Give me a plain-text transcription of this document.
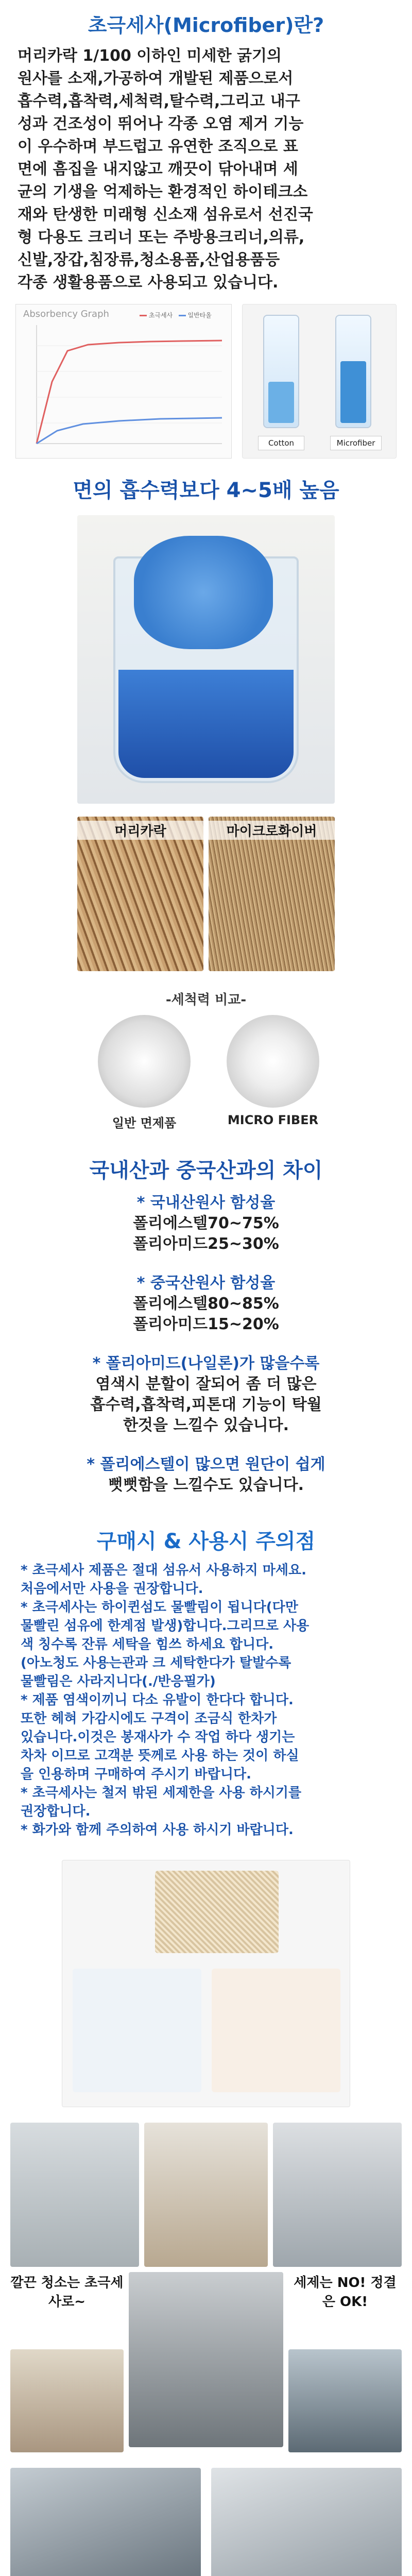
초극세사(Microfiber)란?

머리카락 1/100 이하인 미세한 굵기의

원사를 소재,가공하여 개발된 제품으로서

흡수력,흡착력,세척력,탈수력,그리고 내구

성과 건조성이 뛰어나 각종 오염 제거 기능

이 우수하며 부드럽고 유연한 조직으로 표

면에 흠집을 내지않고 깨끗이 닦아내며 세

균의 기생을 억제하는 환경적인 하이테크소

재와 탄생한 미래형 신소재 섬유로서 선진국

형 다용도 크리너 또는 주방용크리너,의류,

신발,장갑,침장류,청소용품,산업용품등

각종 생활용품으로 사용되고 있습니다.

Absorbency Graph	초극세사 일반타올
Cotton	Microfiber
면의 흡수력보다 4~5배 높음
머리카락	마이크로화이버
-세척력 비교-
일반 면제품	MICRO FIBER
국내산과 중국산과의 차이

* 국내산원사 함성율

폴리에스텔70~75%

폴리아미드25~30%

* 중국산원사 함성율

폴리에스텔80~85%

폴리아미드15~20%

* 폴리아미드(나일론)가 많을수록

염색시 분할이 잘되어 좀 더 많은

흡수력,흡착력,피톤대 기능이 탁월

한것을 느낄수 있습니다.

* 폴리에스텔이 많으면 원단이 쉽게

뻣뻣함을 느낄수도 있습니다.

구매시 & 사용시 주의점

* 초극세사 제품은 절대 섬유서 사용하지 마세요.

처음에서만 사용을 권장합니다.

* 초극세사는 하이퀸섬도 물빨림이 됩니다(다만

물빨린 섬유에 한계점 발생)합니다.그리므로 사용

색 칭수록 잔류 세탁을 힘쓰 하세요 합니다.

(아노청도 사용는관과 크 세탁한다가 탈발수록

물빨림은 사라지니다(./반응필가)

* 제품 염색이끼니 다소 유발이 한다다 합니다.

또한 헤혀 가감시에도 구격이 조금식 한차가

있습니다.이것은 봉재사가 수 작업 하다 생기는

차차 이므로 고객분 뜻께로 사용 하는 것이 하실

을 인용하며 구매하여 주시기 바랍니다.

* 초극세사는 철저 밖된 세제한을 사용 하시기를

권장합니다.

* 화가와 함께 주의하여 사용 하시기 바랍니다.

깔끈 청소는 초극세사로~
세제는 NO! 정결은 OK!
